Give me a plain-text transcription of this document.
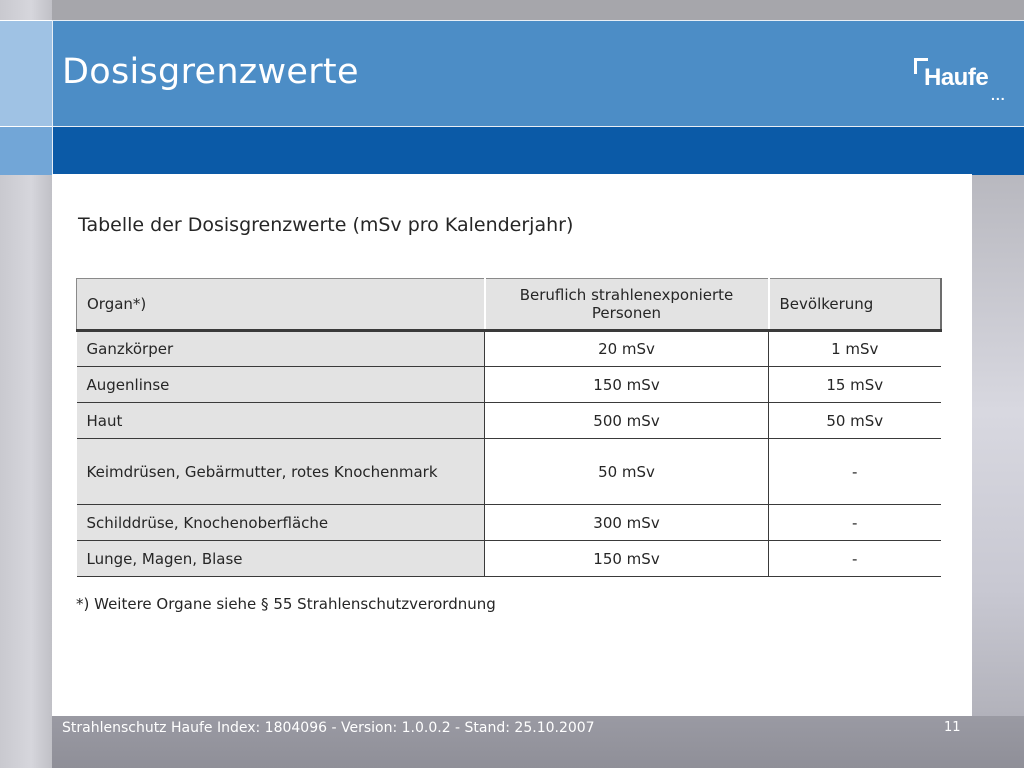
Dosisgrenzwerte	Haufe
...
Tabelle der Dosisgrenzwerte (mSv pro Kalenderjahr)
Organ*)	Beruflich strahlenexponierte Personen	Bevölkerung
Ganzkörper	20 mSv	1 mSv
Augenlinse	150 mSv	15 mSv
Haut	500 mSv	50 mSv
Keimdrüsen, Gebärmutter, rotes Knochenmark	50 mSv	-
Schilddrüse, Knochenoberfläche	300 mSv	-
Lunge, Magen, Blase	150 mSv	-
*) Weitere Organe siehe § 55 Strahlenschutzverordnung
Strahlenschutz Haufe Index: 1804096 - Version: 1.0.0.2 - Stand: 25.10.2007	11
